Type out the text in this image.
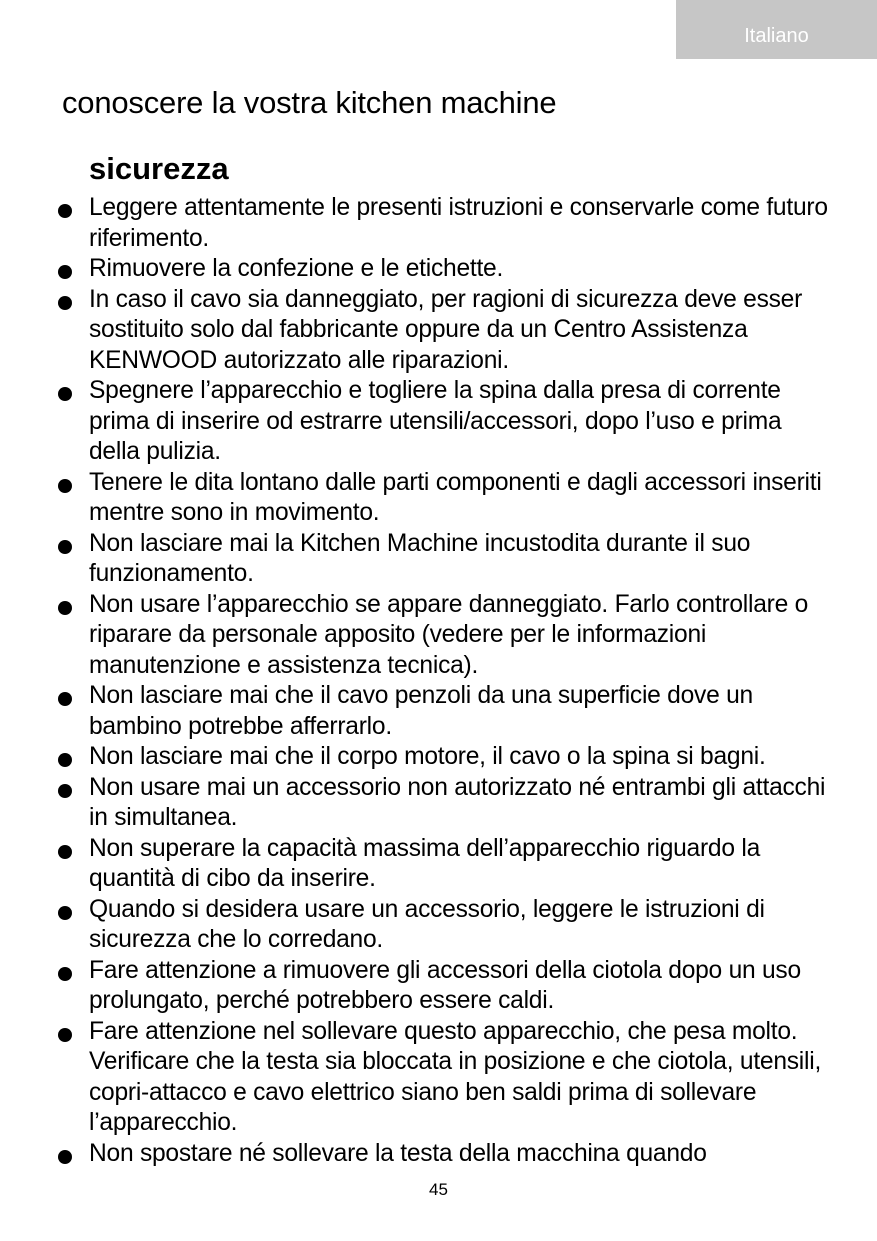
Italiano
conoscere la vostra kitchen machine
sicurezza
Leggere attentamente le presenti istruzioni e conservarle come futuro riferimento.
Rimuovere la confezione e le etichette.
In caso il cavo sia danneggiato, per ragioni di sicurezza deve esser sostituito solo dal fabbricante oppure da un Centro Assistenza KENWOOD autorizzato alle riparazioni.
Spegnere l’apparecchio e togliere la spina dalla presa di corrente prima di inserire od estrarre utensili/accessori, dopo l’uso e prima della pulizia.
Tenere le dita lontano dalle parti componenti e dagli accessori inseriti mentre sono in movimento.
Non lasciare mai la Kitchen Machine incustodita durante il suo funzionamento.
Non usare l’apparecchio se appare danneggiato. Farlo controllare o riparare da personale apposito (vedere per le informazioni manutenzione e assistenza tecnica).
Non lasciare mai che il cavo penzoli da una superficie dove un bambino potrebbe afferrarlo.
Non lasciare mai che il corpo motore, il cavo o la spina si bagni.
Non usare mai un accessorio non autorizzato né entrambi gli attacchi in simultanea.
Non superare la capacità massima dell’apparecchio riguardo la quantità di cibo da inserire.
Quando si desidera usare un accessorio, leggere le istruzioni di sicurezza che lo corredano.
Fare attenzione a rimuovere gli accessori della ciotola dopo un uso prolungato, perché potrebbero essere caldi.
Fare attenzione nel sollevare questo apparecchio, che pesa molto. Verificare che la testa sia bloccata in posizione e che ciotola, utensili, copri-attacco e cavo elettrico siano ben saldi prima di sollevare l’apparecchio.
Non spostare né sollevare la testa della macchina quando
45
